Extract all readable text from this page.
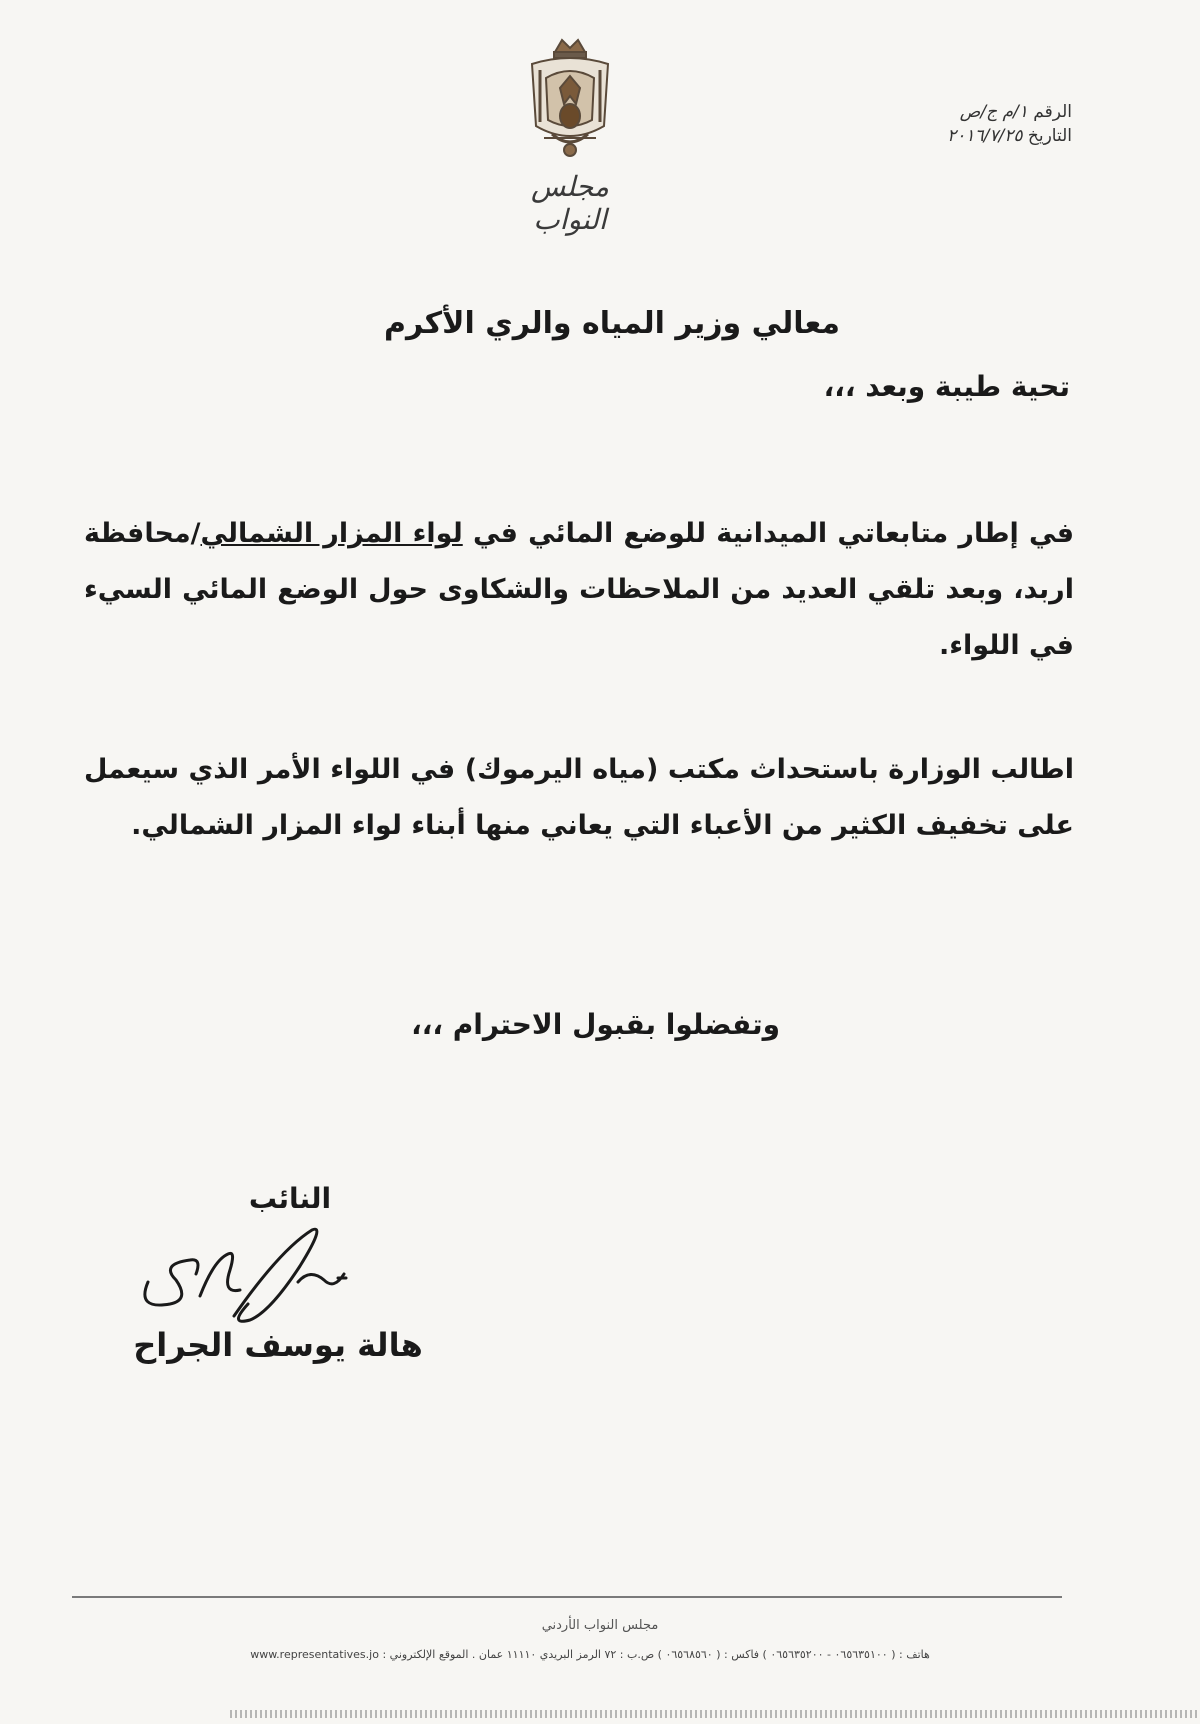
مجلس النواب
الرقم ١/م ج/ص
التاريخ ٢٠١٦/٧/٢٥
معالي وزير المياه والري الأكرم
تحية طيبة وبعد ،،،
في إطار متابعاتي الميدانية للوضع المائي في لواء المزار الشمالي/محافظة اربد، وبعد تلقي العديد من الملاحظات والشكاوى حول الوضع المائي السيء في اللواء.
اطالب الوزارة باستحداث مكتب (مياه اليرموك) في اللواء الأمر الذي سيعمل على تخفيف الكثير من الأعباء التي يعاني منها أبناء لواء المزار الشمالي.
وتفضلوا بقبول الاحترام ،،،
النائب
هالة يوسف الجراح
مجلس النواب الأردني
هاتف : ( ٠٦٥٦٣٥١٠٠ - ٠٦٥٦٣٥٢٠٠ ) فاكس : ( ٠٦٥٦٨٥٦٠ ) ص.ب : ٧٢ الرمز البريدي ١١١١٠ عمان . الموقع الإلكتروني : www.representatives.jo
